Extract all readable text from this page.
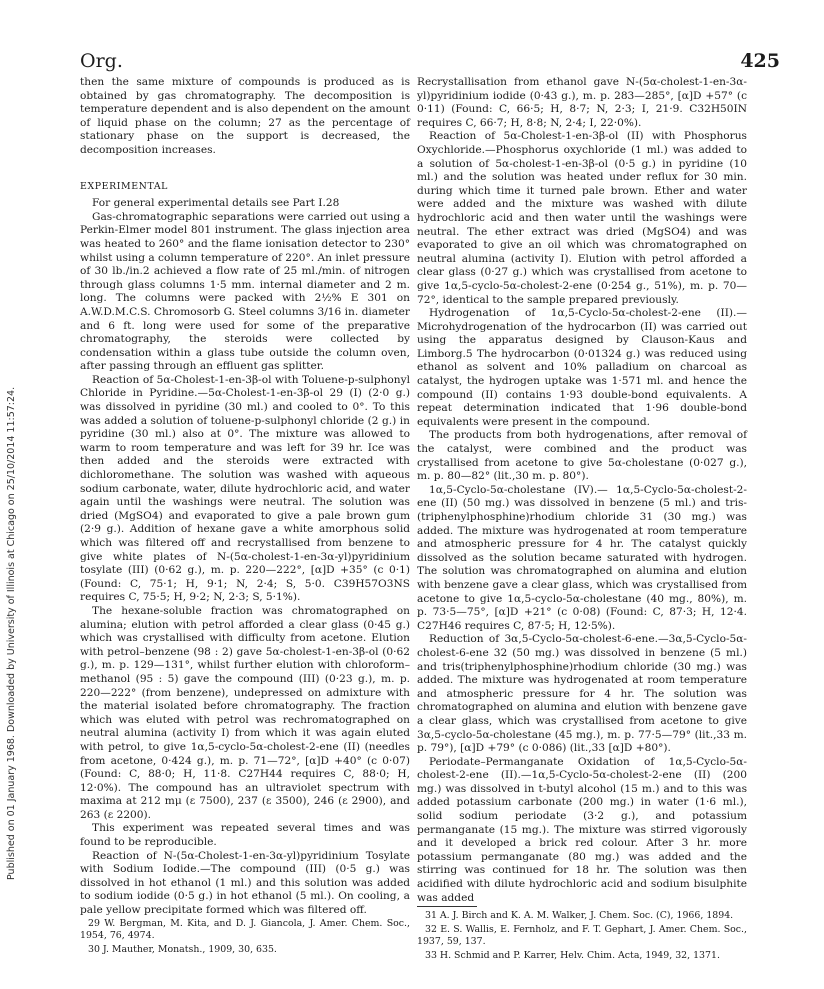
Org.	425
Published on 01 January 1968. Downloaded by University of Illinois at Chicago on 25/10/2014 11:57:24.

then the same mixture of compounds is produced as is obtained by gas chromatography. The decomposition is temperature dependent and is also dependent on the amount of liquid phase on the column; 27 as the percentage of stationary phase on the support is decreased, the decomposition increases.

EXPERIMENTAL

For general experimental details see Part I.28

Gas-chromatographic separations were carried out using a Perkin-Elmer model 801 instrument. The glass injection area was heated to 260° and the flame ionisation detector to 230° whilst using a column temperature of 220°. An inlet pressure of 30 lb./in.2 achieved a flow rate of 25 ml./min. of nitrogen through glass columns 1·5 mm. internal diameter and 2 m. long. The columns were packed with 2½% E 301 on A.W.D.M.C.S. Chromosorb G. Steel columns 3/16 in. diameter and 6 ft. long were used for some of the preparative chromatography, the steroids were collected by condensation within a glass tube outside the column oven, after passing through an effluent gas splitter.

Reaction of 5α-Cholest-1-en-3β-ol with Toluene-p-sulphonyl Chloride in Pyridine.—5α-Cholest-1-en-3β-ol 29 (I) (2·0 g.) was dissolved in pyridine (30 ml.) and cooled to 0°. To this was added a solution of toluene-p-sulphonyl chloride (2 g.) in pyridine (30 ml.) also at 0°. The mixture was allowed to warm to room temperature and was left for 39 hr. Ice was then added and the steroids were extracted with dichloromethane. The solution was washed with aqueous sodium carbonate, water, dilute hydrochloric acid, and water again until the washings were neutral. The solution was dried (MgSO4) and evaporated to give a pale brown gum (2·9 g.). Addition of hexane gave a white amorphous solid which was filtered off and recrystallised from benzene to give white plates of N-(5α-cholest-1-en-3α-yl)pyridinium tosylate (III) (0·62 g.), m. p. 220—222°, [α]D +35° (c 0·1) (Found: C, 75·1; H, 9·1; N, 2·4; S, 5·0. C39H57O3NS requires C, 75·5; H, 9·2; N, 2·3; S, 5·1%).

The hexane-soluble fraction was chromatographed on alumina; elution with petrol afforded a clear glass (0·45 g.) which was crystallised with difficulty from acetone. Elution with petrol–benzene (98 : 2) gave 5α-cholest-1-en-3β-ol (0·62 g.), m. p. 129—131°, whilst further elution with chloroform–methanol (95 : 5) gave the compound (III) (0·23 g.), m. p. 220—222° (from benzene), undepressed on admixture with the material isolated before chromatography. The fraction which was eluted with petrol was rechromatographed on neutral alumina (activity I) from which it was again eluted with petrol, to give 1α,5-cyclo-5α-cholest-2-ene (II) (needles from acetone, 0·424 g.), m. p. 71—72°, [α]D +40° (c 0·07) (Found: C, 88·0; H, 11·8. C27H44 requires C, 88·0; H, 12·0%). The compound has an ultraviolet spectrum with maxima at 212 mμ (ε 7500), 237 (ε 3500), 246 (ε 2900), and 263 (ε 2200).

This experiment was repeated several times and was found to be reproducible.

Reaction of N-(5α-Cholest-1-en-3α-yl)pyridinium Tosylate with Sodium Iodide.—The compound (III) (0·5 g.) was dissolved in hot ethanol (1 ml.) and this solution was added to sodium iodide (0·5 g.) in hot ethanol (5 ml.). On cooling, a pale yellow precipitate formed which was filtered off.

Recrystallisation from ethanol gave N-(5α-cholest-1-en-3α-yl)pyridinium iodide (0·43 g.), m. p. 283—285°, [α]D +57° (c 0·11) (Found: C, 66·5; H, 8·7; N, 2·3; I, 21·9. C32H50IN requires C, 66·7; H, 8·8; N, 2·4; I, 22·0%).

Reaction of 5α-Cholest-1-en-3β-ol (II) with Phosphorus Oxychloride.—Phosphorus oxychloride (1 ml.) was added to a solution of 5α-cholest-1-en-3β-ol (0·5 g.) in pyridine (10 ml.) and the solution was heated under reflux for 30 min. during which time it turned pale brown. Ether and water were added and the mixture was washed with dilute hydrochloric acid and then water until the washings were neutral. The ether extract was dried (MgSO4) and was evaporated to give an oil which was chromatographed on neutral alumina (activity I). Elution with petrol afforded a clear glass (0·27 g.) which was crystallised from acetone to give 1α,5-cyclo-5α-cholest-2-ene (0·254 g., 51%), m. p. 70—72°, identical to the sample prepared previously.

Hydrogenation of 1α,5-Cyclo-5α-cholest-2-ene (II).—Microhydrogenation of the hydrocarbon (II) was carried out using the apparatus designed by Clauson-Kaus and Limborg.5 The hydrocarbon (0·01324 g.) was reduced using ethanol as solvent and 10% palladium on charcoal as catalyst, the hydrogen uptake was 1·571 ml. and hence the compound (II) contains 1·93 double-bond equivalents. A repeat determination indicated that 1·96 double-bond equivalents were present in the compound.

The products from both hydrogenations, after removal of the catalyst, were combined and the product was crystallised from acetone to give 5α-cholestane (0·027 g.), m. p. 80—82° (lit.,30 m. p. 80°).

1α,5-Cyclo-5α-cholestane (IV).— 1α,5-Cyclo-5α-cholest-2-ene (II) (50 mg.) was dissolved in benzene (5 ml.) and tris-(triphenylphosphine)rhodium chloride 31 (30 mg.) was added. The mixture was hydrogenated at room temperature and atmospheric pressure for 4 hr. The catalyst quickly dissolved as the solution became saturated with hydrogen. The solution was chromatographed on alumina and elution with benzene gave a clear glass, which was crystallised from acetone to give 1α,5-cyclo-5α-cholestane (40 mg., 80%), m. p. 73·5—75°, [α]D +21° (c 0·08) (Found: C, 87·3; H, 12·4. C27H46 requires C, 87·5; H, 12·5%).

Reduction of 3α,5-Cyclo-5α-cholest-6-ene.—3α,5-Cyclo-5α-cholest-6-ene 32 (50 mg.) was dissolved in benzene (5 ml.) and tris(triphenylphosphine)rhodium chloride (30 mg.) was added. The mixture was hydrogenated at room temperature and atmospheric pressure for 4 hr. The solution was chromatographed on alumina and elution with benzene gave a clear glass, which was crystallised from acetone to give 3α,5-cyclo-5α-cholestane (45 mg.), m. p. 77·5—79° (lit.,33 m. p. 79°), [α]D +79° (c 0·086) (lit.,33 [α]D +80°).

Periodate–Permanganate Oxidation of 1α,5-Cyclo-5α-cholest-2-ene (II).—1α,5-Cyclo-5α-cholest-2-ene (II) (200 mg.) was dissolved in t-butyl alcohol (15 m.) and to this was added potassium carbonate (200 mg.) in water (1·6 ml.), solid sodium periodate (3·2 g.), and potassium permanganate (15 mg.). The mixture was stirred vigorously and it developed a brick red colour. After 3 hr. more potassium permanganate (80 mg.) was added and the stirring was continued for 18 hr. The solution was then acidified with dilute hydrochloric acid and sodium bisulphite was added

29 W. Bergman, M. Kita, and D. J. Giancola, J. Amer. Chem. Soc., 1954, 76, 4974.

30 J. Mauther, Monatsh., 1909, 30, 635.

31 A. J. Birch and K. A. M. Walker, J. Chem. Soc. (C), 1966, 1894.

32 E. S. Wallis, E. Fernholz, and F. T. Gephart, J. Amer. Chem. Soc., 1937, 59, 137.

33 H. Schmid and P. Karrer, Helv. Chim. Acta, 1949, 32, 1371.
